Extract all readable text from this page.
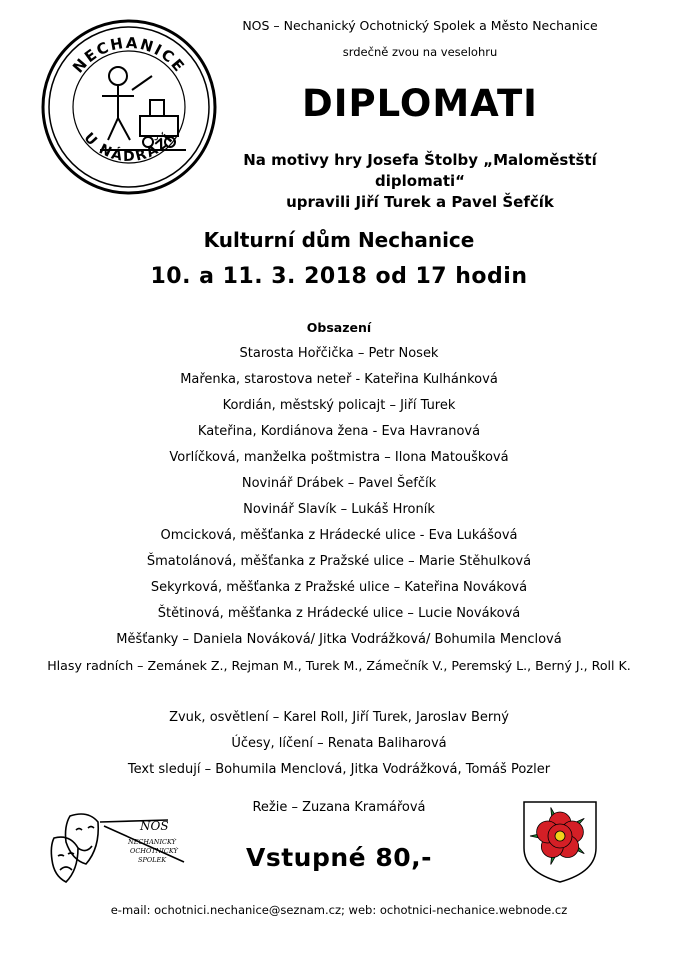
NECHANICE
U NÁDRAŽÍ
NOS – Nechanický Ochotnický Spolek a Město Nechanice
srdečně zvou na veselohru
DIPLOMATI
Na motivy hry Josefa Štolby „Maloměstští diplomati“
upravili Jiří Turek a Pavel Šefčík
Kulturní dům Nechanice
10. a 11. 3. 2018 od 17 hodin
Obsazení
Starosta Hořčička – Petr Nosek
Mařenka, starostova neteř - Kateřina Kulhánková
Kordián, městský policajt – Jiří Turek
Kateřina, Kordiánova žena - Eva Havranová
Vorlíčková, manželka poštmistra – Ilona Matoušková
Novinář Drábek – Pavel Šefčík
Novinář Slavík – Lukáš Hroník
Omcicková, měšťanka z Hrádecké ulice - Eva Lukášová
Šmatolánová, měšťanka z Pražské ulice – Marie Stěhulková
Sekyrková, měšťanka z Pražské ulice – Kateřina Nováková
Štětinová, měšťanka z Hrádecké ulice – Lucie Nováková
Měšťanky – Daniela Nováková/ Jitka Vodrážková/ Bohumila Menclová
Hlasy radních – Zemánek Z., Rejman M., Turek M., Zámečník V., Peremský L., Berný J., Roll K.
Zvuk, osvětlení – Karel Roll, Jiří Turek, Jaroslav Berný
Účesy, líčení – Renata Baliharová
Text sledují – Bohumila Menclová, Jitka Vodrážková, Tomáš Pozler
Režie – Zuzana Kramářová
NOS
NECHANICKÝ
OCHOTNICKÝ
SPOLEK	Vstupné 80,-
e-mail: ochotnici.nechanice@seznam.cz; web: ochotnici-nechanice.webnode.cz
